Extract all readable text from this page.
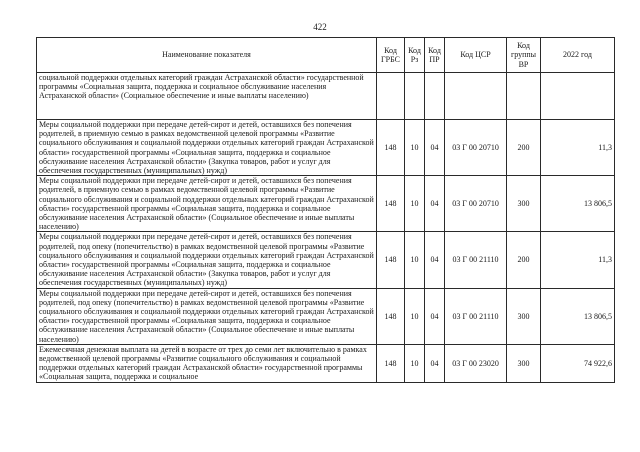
422
Наименование показателя	Код ГРБС	Код Рз	Код ПР	Код ЦСР	Код группы ВР	2022 год
социальной поддержки отдельных категорий граждан Астраханской области» государственной программы «Социальная защита, поддержка и социальное обслуживание населения Астраханской области» (Социальное обеспечение и иные выплаты населению)						
Меры социальной поддержки при передаче детей-сирот и детей, оставшихся без попечения родителей, в приемную семью в рамках ведомственной целевой программы «Развитие социального обслуживания и социальной поддержки отдельных категорий граждан Астраханской области» государственной программы «Социальная защита, поддержка и социальное обслуживание населения Астраханской области» (Закупка товаров, работ и услуг для обеспечения государственных (муниципальных) нужд)	148	10	04	03 Г 00 20710	200	11,3
Меры социальной поддержки при передаче детей-сирот и детей, оставшихся без попечения родителей, в приемную семью в рамках ведомственной целевой программы «Развитие социального обслуживания и социальной поддержки отдельных категорий граждан Астраханской области» государственной программы «Социальная защита, поддержка и социальное обслуживание населения Астраханской области» (Социальное обеспечение и иные выплаты населению)	148	10	04	03 Г 00 20710	300	13 806,5
Меры социальной поддержки при передаче детей-сирот и детей, оставшихся без попечения родителей, под опеку (попечительство) в рамках ведомственной целевой программы «Развитие социального обслуживания и социальной поддержки отдельных категорий граждан Астраханской области» государственной программы «Социальная защита, поддержка и социальное обслуживание населения Астраханской области» (Закупка товаров, работ и услуг для обеспечения государственных (муниципальных) нужд)	148	10	04	03 Г 00 21110	200	11,3
Меры социальной поддержки при передаче детей-сирот и детей, оставшихся без попечения родителей, под опеку (попечительство) в рамках ведомственной целевой программы «Развитие социального обслуживания и социальной поддержки отдельных категорий граждан Астраханской области» государственной программы «Социальная защита, поддержка и социальное обслуживание населения Астраханской области» (Социальное обеспечение и иные выплаты населению)	148	10	04	03 Г 00 21110	300	13 806,5
Ежемесячная денежная выплата на детей в возрасте от трех до семи лет включительно в рамках ведомственной целевой программы «Развитие социального обслуживания и социальной поддержки отдельных категорий граждан Астраханской области» государственной программы «Социальная защита, поддержка и социальное	148	10	04	03 Г 00 23020	300	74 922,6
